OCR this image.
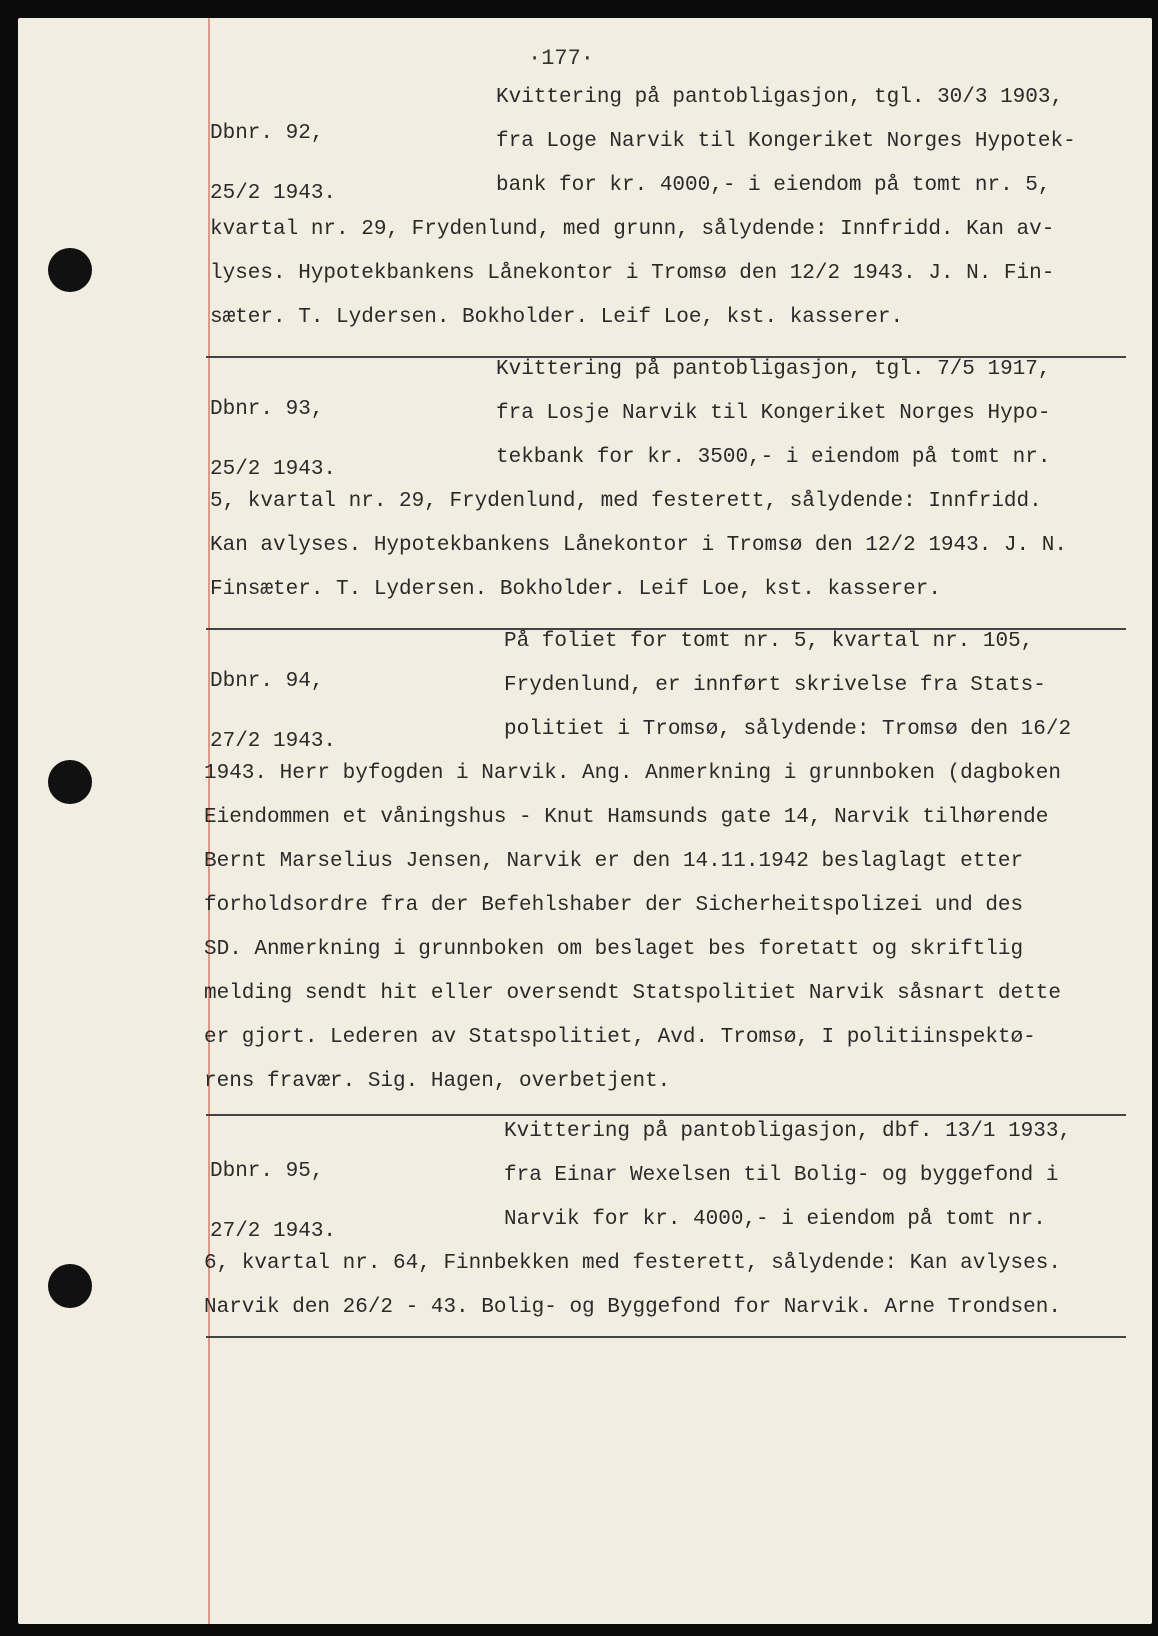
·177·

Dbnr. 92,

25/2 1943.

Kvittering på pantobligasjon, tgl. 30/3 1903,
fra Loge Narvik til Kongeriket Norges Hypotek-
bank for kr. 4000,- i eiendom på tomt nr. 5,
kvartal nr. 29, Frydenlund, med grunn, sålydende: Innfridd. Kan av-
lyses. Hypotekbankens Lånekontor i Tromsø den 12/2 1943. J. N. Fin-
sæter. T. Lydersen. Bokholder. Leif Loe, kst. kasserer.

Dbnr. 93,

25/2 1943.

Kvittering på pantobligasjon, tgl. 7/5 1917,
fra Losje Narvik til Kongeriket Norges Hypo-
tekbank for kr. 3500,- i eiendom på tomt nr.
5, kvartal nr. 29, Frydenlund, med festerett, sålydende: Innfridd.
Kan avlyses. Hypotekbankens Lånekontor i Tromsø den 12/2 1943. J. N.
Finsæter. T. Lydersen. Bokholder. Leif Loe, kst. kasserer.

Dbnr. 94,

27/2 1943.

På foliet for tomt nr. 5, kvartal nr. 105,
Frydenlund, er innført skrivelse fra Stats-
politiet i Tromsø, sålydende: Tromsø den 16/2
1943. Herr byfogden i Narvik. Ang. Anmerkning i grunnboken (dagboken
Eiendommen et våningshus - Knut Hamsunds gate 14, Narvik tilhørende
Bernt Marselius Jensen, Narvik er den 14.11.1942 beslaglagt etter
forholdsordre fra der Befehlshaber der Sicherheitspolizei und des
SD. Anmerkning i grunnboken om beslaget bes foretatt og skriftlig
melding sendt hit eller oversendt Statspolitiet Narvik såsnart dette
er gjort. Lederen av Statspolitiet, Avd. Tromsø, I politiinspektø-
rens fravær. Sig. Hagen, overbetjent.

Dbnr. 95,

27/2 1943.

Kvittering på pantobligasjon, dbf. 13/1 1933,
fra Einar Wexelsen til Bolig- og byggefond i
Narvik for kr. 4000,- i eiendom på tomt nr.
6, kvartal nr. 64, Finnbekken med festerett, sålydende: Kan avlyses.
Narvik den 26/2 - 43. Bolig- og Byggefond for Narvik. Arne Trondsen.
